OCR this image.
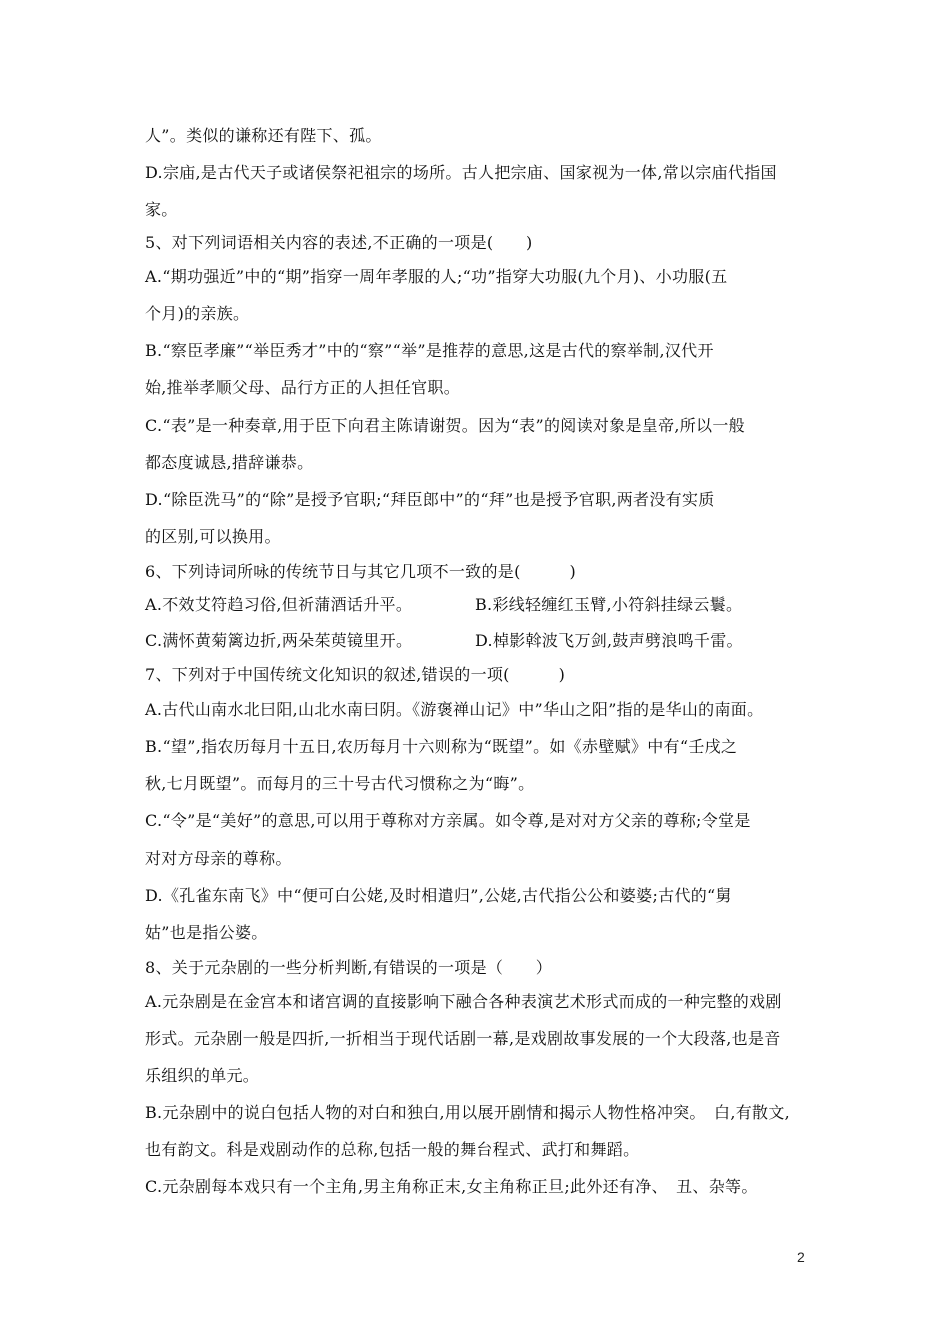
人”。类似的谦称还有陛下、孤。
D.宗庙,是古代天子或诸侯祭祀祖宗的场所。古人把宗庙、国家视为一体,常以宗庙代指国
家。
5、对下列词语相关内容的表述,不正确的一项是(　　)
A.“期功强近”中的“期”指穿一周年孝服的人;“功”指穿大功服(九个月)、小功服(五
个月)的亲族。
B.“察臣孝廉”“举臣秀才”中的“察”“举”是推荐的意思,这是古代的察举制,汉代开
始,推举孝顺父母、品行方正的人担任官职。
C.“表”是一种奏章,用于臣下向君主陈请谢贺。因为“表”的阅读对象是皇帝,所以一般
都态度诚恳,措辞谦恭。
D.“除臣洗马”的“除”是授予官职;“拜臣郎中”的“拜”也是授予官职,两者没有实质
的区别,可以换用。
6、下列诗词所咏的传统节日与其它几项不一致的是(　　　)
A.不效艾符趋习俗,但祈蒲酒话升平。	B.彩线轻缠红玉臂,小符斜挂绿云鬟。
C.满怀黄菊篱边折,两朵茱萸镜里开。	D.棹影斡波飞万剑,鼓声劈浪鸣千雷。
7、下列对于中国传统文化知识的叙述,错误的一项(　　　)
A.古代山南水北曰阳,山北水南曰阴。《游褒禅山记》中”华山之阳”指的是华山的南面。
B.“望”,指农历每月十五日,农历每月十六则称为“既望”。如《赤壁赋》中有“壬戌之
秋,七月既望”。而每月的三十号古代习惯称之为“晦”。
C.“令”是“美好”的意思,可以用于尊称对方亲属。如令尊,是对对方父亲的尊称;令堂是
对对方母亲的尊称。
D.《孔雀东南飞》中“便可白公姥,及时相遣归”,公姥,古代指公公和婆婆;古代的“舅
姑”也是指公婆。
8、关于元杂剧的一些分析判断,有错误的一项是（　　）
A.元杂剧是在金宫本和诸宫调的直接影响下融合各种表演艺术形式而成的一种完整的戏剧
形式。元杂剧一般是四折,一折相当于现代话剧一幕,是戏剧故事发展的一个大段落,也是音
乐组织的单元。
B.元杂剧中的说白包括人物的对白和独白,用以展开剧情和揭示人物性格冲突。　白,有散文,
也有韵文。科是戏剧动作的总称,包括一般的舞台程式、武打和舞蹈。
C.元杂剧每本戏只有一个主角,男主角称正末,女主角称正旦;此外还有净、　丑、杂等。
2
